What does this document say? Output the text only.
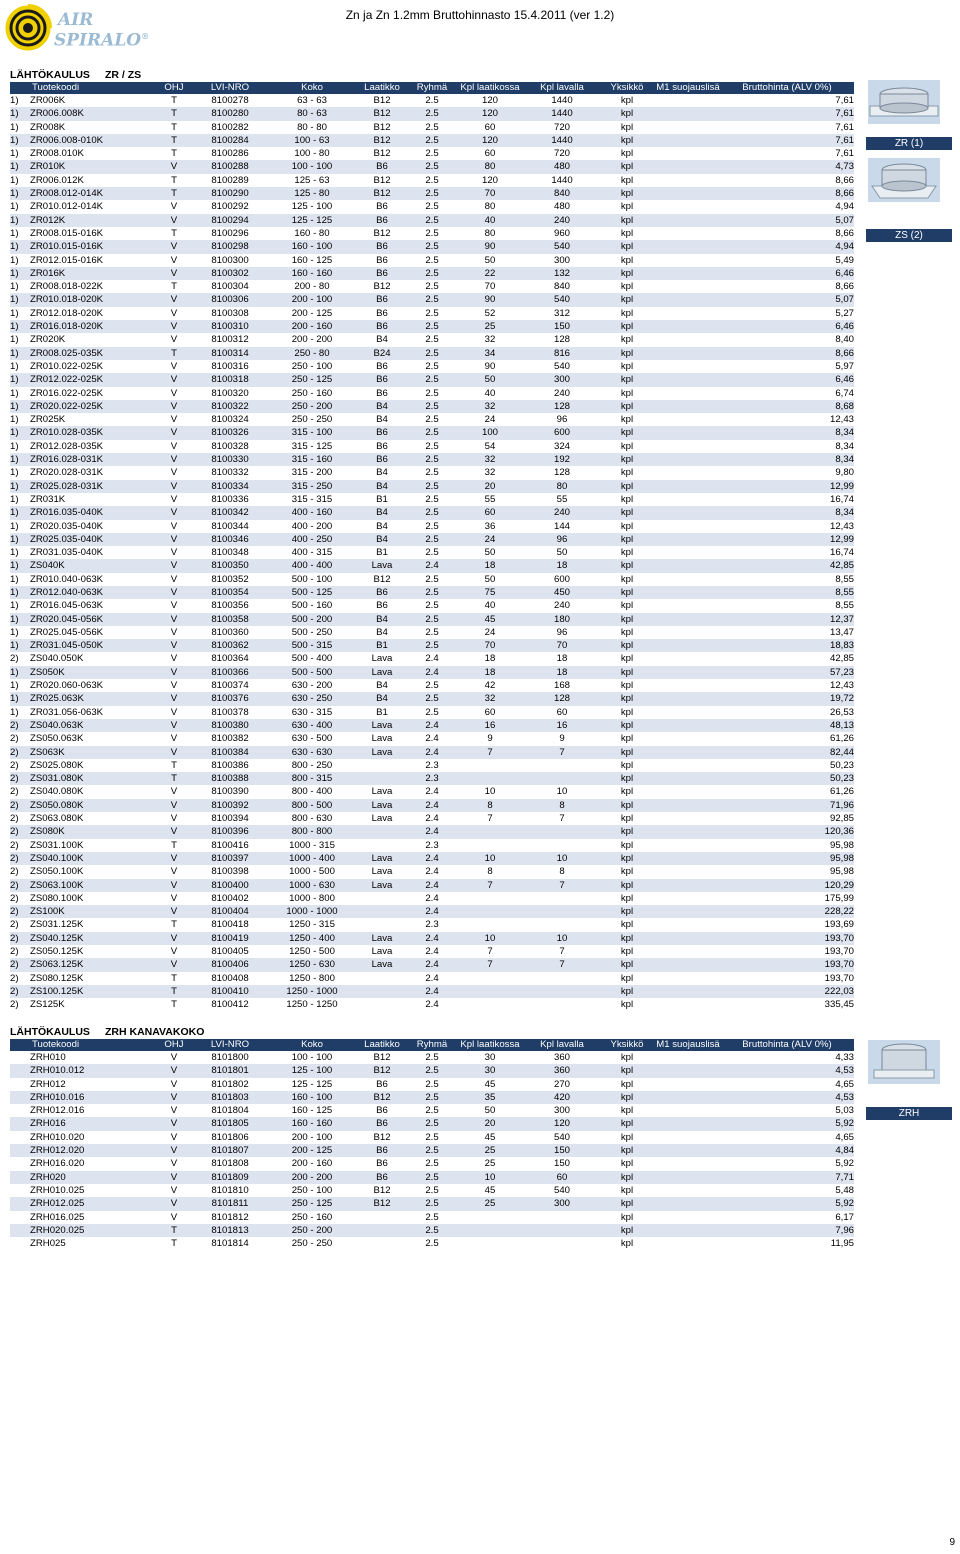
Zn ja Zn 1.2mm Bruttohinnasto 15.4.2011 (ver 1.2)
AIR
SPIRALO®
LÄHTÖKAULUS ZR / ZS
Tuotekoodi		OHJ	LVI-NRO	Koko	Laatikko	Ryhmä	Kpl laatikossa	Kpl lavalla	Yksikkö	M1 suojauslisä	Bruttohinta (ALV 0%)
1)	ZR006K	T	8100278	63 - 63	B12	2.5	120	1440	kpl		7,61
1)	ZR006.008K	T	8100280	80 - 63	B12	2.5	120	1440	kpl		7,61
1)	ZR008K	T	8100282	80 - 80	B12	2.5	60	720	kpl		7,61
1)	ZR006.008-010K	T	8100284	100 - 63	B12	2.5	120	1440	kpl		7,61
1)	ZR008.010K	T	8100286	100 - 80	B12	2.5	60	720	kpl		7,61
1)	ZR010K	V	8100288	100 - 100	B6	2.5	80	480	kpl		4,73
1)	ZR006.012K	T	8100289	125 - 63	B12	2.5	120	1440	kpl		8,66
1)	ZR008.012-014K	T	8100290	125 - 80	B12	2.5	70	840	kpl		8,66
1)	ZR010.012-014K	V	8100292	125 - 100	B6	2.5	80	480	kpl		4,94
1)	ZR012K	V	8100294	125 - 125	B6	2.5	40	240	kpl		5,07
1)	ZR008.015-016K	T	8100296	160 - 80	B12	2.5	80	960	kpl		8,66
1)	ZR010.015-016K	V	8100298	160 - 100	B6	2.5	90	540	kpl		4,94
1)	ZR012.015-016K	V	8100300	160 - 125	B6	2.5	50	300	kpl		5,49
1)	ZR016K	V	8100302	160 - 160	B6	2.5	22	132	kpl		6,46
1)	ZR008.018-022K	T	8100304	200 - 80	B12	2.5	70	840	kpl		8,66
1)	ZR010.018-020K	V	8100306	200 - 100	B6	2.5	90	540	kpl		5,07
1)	ZR012.018-020K	V	8100308	200 - 125	B6	2.5	52	312	kpl		5,27
1)	ZR016.018-020K	V	8100310	200 - 160	B6	2.5	25	150	kpl		6,46
1)	ZR020K	V	8100312	200 - 200	B4	2.5	32	128	kpl		8,40
1)	ZR008.025-035K	T	8100314	250 - 80	B24	2.5	34	816	kpl		8,66
1)	ZR010.022-025K	V	8100316	250 - 100	B6	2.5	90	540	kpl		5,97
1)	ZR012.022-025K	V	8100318	250 - 125	B6	2.5	50	300	kpl		6,46
1)	ZR016.022-025K	V	8100320	250 - 160	B6	2.5	40	240	kpl		6,74
1)	ZR020.022-025K	V	8100322	250 - 200	B4	2.5	32	128	kpl		8,68
1)	ZR025K	V	8100324	250 - 250	B4	2.5	24	96	kpl		12,43
1)	ZR010.028-035K	V	8100326	315 - 100	B6	2.5	100	600	kpl		8,34
1)	ZR012.028-035K	V	8100328	315 - 125	B6	2.5	54	324	kpl		8,34
1)	ZR016.028-031K	V	8100330	315 - 160	B6	2.5	32	192	kpl		8,34
1)	ZR020.028-031K	V	8100332	315 - 200	B4	2.5	32	128	kpl		9,80
1)	ZR025.028-031K	V	8100334	315 - 250	B4	2.5	20	80	kpl		12,99
1)	ZR031K	V	8100336	315 - 315	B1	2.5	55	55	kpl		16,74
1)	ZR016.035-040K	V	8100342	400 - 160	B4	2.5	60	240	kpl		8,34
1)	ZR020.035-040K	V	8100344	400 - 200	B4	2.5	36	144	kpl		12,43
1)	ZR025.035-040K	V	8100346	400 - 250	B4	2.5	24	96	kpl		12,99
1)	ZR031.035-040K	V	8100348	400 - 315	B1	2.5	50	50	kpl		16,74
1)	ZS040K	V	8100350	400 - 400	Lava	2.4	18	18	kpl		42,85
1)	ZR010.040-063K	V	8100352	500 - 100	B12	2.5	50	600	kpl		8,55
1)	ZR012.040-063K	V	8100354	500 - 125	B6	2.5	75	450	kpl		8,55
1)	ZR016.045-063K	V	8100356	500 - 160	B6	2.5	40	240	kpl		8,55
1)	ZR020.045-056K	V	8100358	500 - 200	B4	2.5	45	180	kpl		12,37
1)	ZR025.045-056K	V	8100360	500 - 250	B4	2.5	24	96	kpl		13,47
1)	ZR031.045-050K	V	8100362	500 - 315	B1	2.5	70	70	kpl		18,83
2)	ZS040.050K	V	8100364	500 - 400	Lava	2.4	18	18	kpl		42,85
1)	ZS050K	V	8100366	500 - 500	Lava	2.4	18	18	kpl		57,23
1)	ZR020.060-063K	V	8100374	630 - 200	B4	2.5	42	168	kpl		12,43
1)	ZR025.063K	V	8100376	630 - 250	B4	2.5	32	128	kpl		19,72
1)	ZR031.056-063K	V	8100378	630 - 315	B1	2.5	60	60	kpl		26,53
2)	ZS040.063K	V	8100380	630 - 400	Lava	2.4	16	16	kpl		48,13
2)	ZS050.063K	V	8100382	630 - 500	Lava	2.4	9	9	kpl		61,26
2)	ZS063K	V	8100384	630 - 630	Lava	2.4	7	7	kpl		82,44
2)	ZS025.080K	T	8100386	800 - 250		2.3			kpl		50,23
2)	ZS031.080K	T	8100388	800 - 315		2.3			kpl		50,23
2)	ZS040.080K	V	8100390	800 - 400	Lava	2.4	10	10	kpl		61,26
2)	ZS050.080K	V	8100392	800 - 500	Lava	2.4	8	8	kpl		71,96
2)	ZS063.080K	V	8100394	800 - 630	Lava	2.4	7	7	kpl		92,85
2)	ZS080K	V	8100396	800 - 800		2.4			kpl		120,36
2)	ZS031.100K	T	8100416	1000 - 315		2.3			kpl		95,98
2)	ZS040.100K	V	8100397	1000 - 400	Lava	2.4	10	10	kpl		95,98
2)	ZS050.100K	V	8100398	1000 - 500	Lava	2.4	8	8	kpl		95,98
2)	ZS063.100K	V	8100400	1000 - 630	Lava	2.4	7	7	kpl		120,29
2)	ZS080.100K	V	8100402	1000 - 800		2.4			kpl		175,99
2)	ZS100K	V	8100404	1000 - 1000		2.4			kpl		228,22
2)	ZS031.125K	T	8100418	1250 - 315		2.3			kpl		193,69
2)	ZS040.125K	V	8100419	1250 - 400	Lava	2.4	10	10	kpl		193,70
2)	ZS050.125K	V	8100405	1250 - 500	Lava	2.4	7	7	kpl		193,70
2)	ZS063.125K	V	8100406	1250 - 630	Lava	2.4	7	7	kpl		193,70
2)	ZS080.125K	T	8100408	1250 - 800		2.4			kpl		193,70
2)	ZS100.125K	T	8100410	1250 - 1000		2.4			kpl		222,03
2)	ZS125K	T	8100412	1250 - 1250		2.4			kpl		335,45
ZR (1)
ZS (2)
LÄHTÖKAULUS ZRH KANAVAKOKO
Tuotekoodi		OHJ	LVI-NRO	Koko	Laatikko	Ryhmä	Kpl laatikossa	Kpl lavalla	Yksikkö	M1 suojauslisä	Bruttohinta (ALV 0%)
	ZRH010	V	8101800	100 - 100	B12	2.5	30	360	kpl		4,33
	ZRH010.012	V	8101801	125 - 100	B12	2.5	30	360	kpl		4,53
	ZRH012	V	8101802	125 - 125	B6	2.5	45	270	kpl		4,65
	ZRH010.016	V	8101803	160 - 100	B12	2.5	35	420	kpl		4,53
	ZRH012.016	V	8101804	160 - 125	B6	2.5	50	300	kpl		5,03
	ZRH016	V	8101805	160 - 160	B6	2.5	20	120	kpl		5,92
	ZRH010.020	V	8101806	200 - 100	B12	2.5	45	540	kpl		4,65
	ZRH012.020	V	8101807	200 - 125	B6	2.5	25	150	kpl		4,84
	ZRH016.020	V	8101808	200 - 160	B6	2.5	25	150	kpl		5,92
	ZRH020	V	8101809	200 - 200	B6	2.5	10	60	kpl		7,71
	ZRH010.025	V	8101810	250 - 100	B12	2.5	45	540	kpl		5,48
	ZRH012.025	V	8101811	250 - 125	B12	2.5	25	300	kpl		5,92
	ZRH016.025	V	8101812	250 - 160		2.5			kpl		6,17
	ZRH020.025	T	8101813	250 - 200		2.5			kpl		7,96
	ZRH025	T	8101814	250 - 250		2.5			kpl		11,95
ZRH
9
